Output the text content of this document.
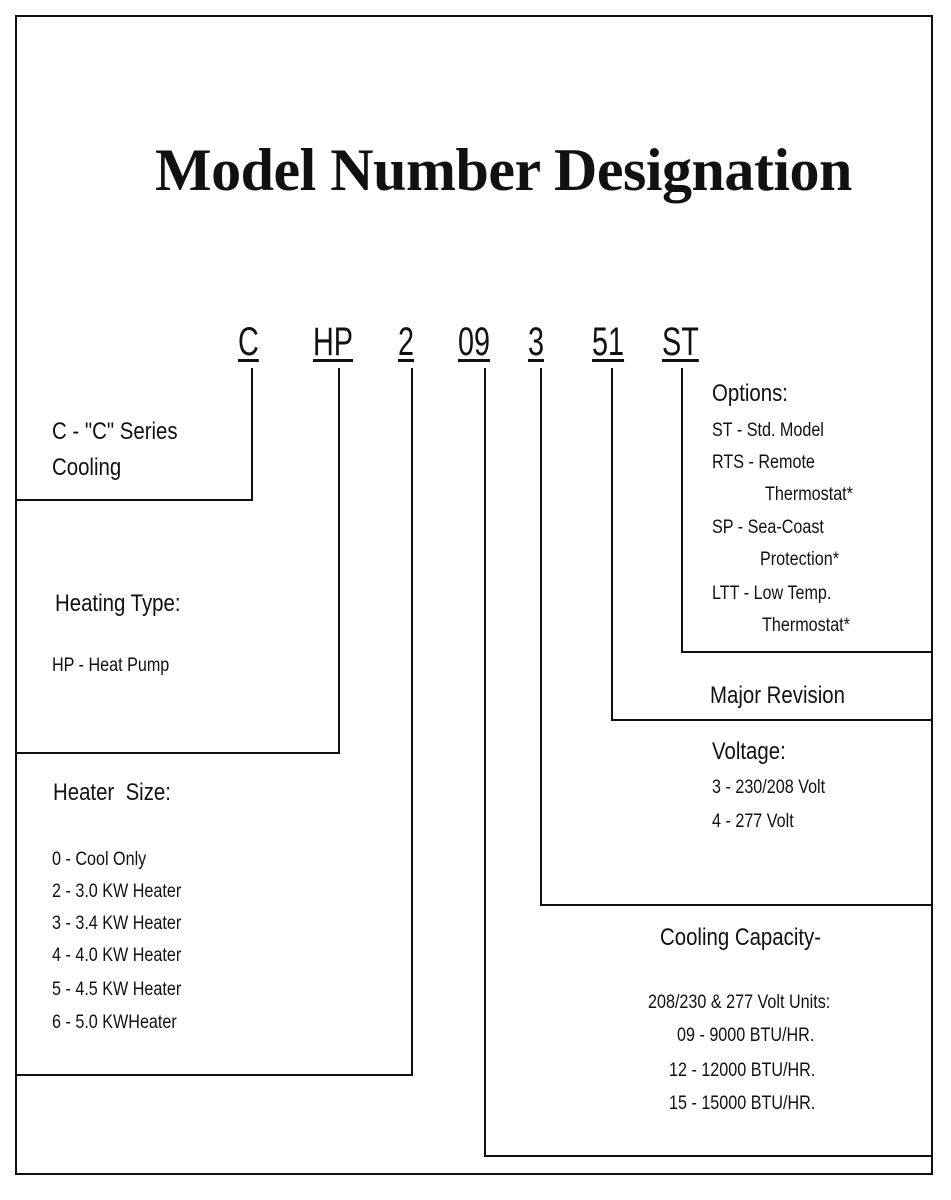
Model Number Designation
C HP 2 09 3 51 ST
C - "C" Series
Cooling
Heating Type:
HP - Heat Pump
Heater  Size:
0 - Cool Only
2 - 3.0 KW Heater
3 - 3.4 KW Heater
4 - 4.0 KW Heater
5 - 4.5 KW Heater
6 - 5.0 KWHeater
Options:
ST - Std. Model
RTS - Remote
Thermostat*
SP - Sea-Coast
Protection*
LTT - Low Temp.
Thermostat*
Major Revision
Voltage:
3 - 230/208 Volt
4 - 277 Volt
Cooling Capacity-
208/230 & 277 Volt Units:
09 - 9000 BTU/HR.
12 - 12000 BTU/HR.
15 - 15000 BTU/HR.
